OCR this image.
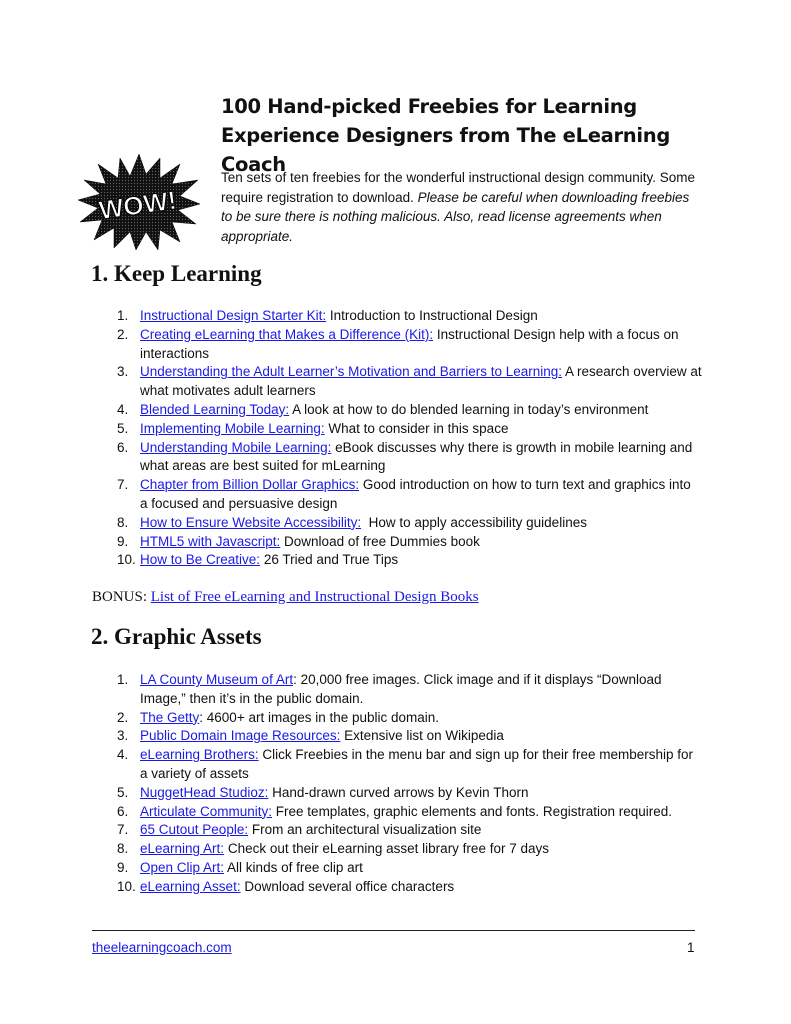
WOW!
100 Hand-picked Freebies for Learning
Experience Designers from The eLearning Coach

Ten sets of ten freebies for the wonderful instructional design community. Some require registration to download. Please be careful when downloading freebies to be sure there is nothing malicious. Also, read license agreements when appropriate.

1. Keep Learning
1. Instructional Design Starter Kit: Introduction to Instructional Design
2. Creating eLearning that Makes a Difference (Kit): Instructional Design help with a focus on interactions
3. Understanding the Adult Learner’s Motivation and Barriers to Learning: A research overview at what motivates adult learners
4. Blended Learning Today: A look at how to do blended learning in today’s environment
5. Implementing Mobile Learning: What to consider in this space
6. Understanding Mobile Learning: eBook discusses why there is growth in mobile learning and what areas are best suited for mLearning
7. Chapter from Billion Dollar Graphics: Good introduction on how to turn text and graphics into a focused and persuasive design
8. How to Ensure Website Accessibility:  How to apply accessibility guidelines
9. HTML5 with Javascript: Download of free Dummies book
10. How to Be Creative: 26 Tried and True Tips

BONUS: List of Free eLearning and Instructional Design Books

2. Graphic Assets
1. LA County Museum of Art: 20,000 free images. Click image and if it displays “Download Image,” then it’s in the public domain.
2. The Getty: 4600+ art images in the public domain.
3. Public Domain Image Resources: Extensive list on Wikipedia
4. eLearning Brothers: Click Freebies in the menu bar and sign up for their free membership for a variety of assets
5. NuggetHead Studioz: Hand-drawn curved arrows by Kevin Thorn
6. Articulate Community: Free templates, graphic elements and fonts. Registration required.
7. 65 Cutout People: From an architectural visualization site
8. eLearning Art: Check out their eLearning asset library free for 7 days
9. Open Clip Art: All kinds of free clip art
10. eLearning Asset: Download several office characters
theelearningcoach.com	1
